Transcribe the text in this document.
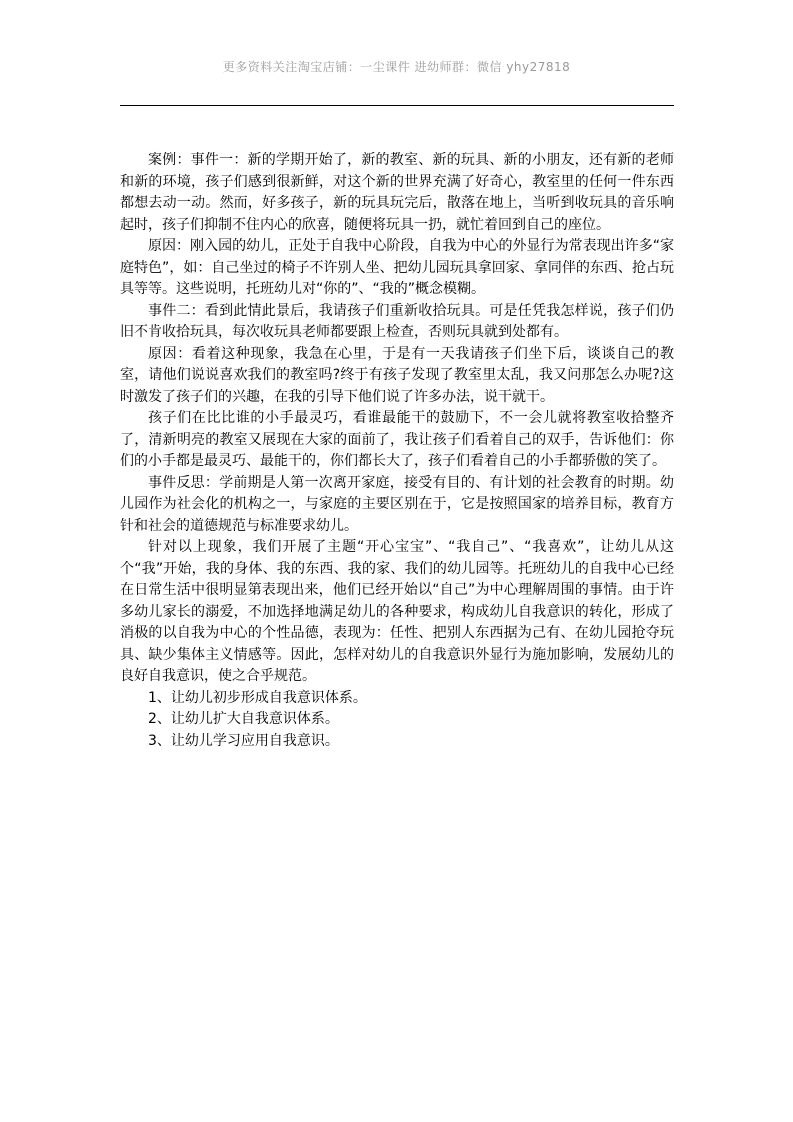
更多资料关注淘宝店铺：一尘课件 进幼师群：微信 yhy27818

案例：事件一：新的学期开始了，新的教室、新的玩具、新的小朋友，还有新的老师和新的环境，孩子们感到很新鲜，对这个新的世界充满了好奇心，教室里的任何一件东西都想去动一动。然而，好多孩子，新的玩具玩完后，散落在地上，当听到收玩具的音乐响起时，孩子们抑制不住内心的欣喜，随便将玩具一扔，就忙着回到自己的座位。

原因：刚入园的幼儿，正处于自我中心阶段，自我为中心的外显行为常表现出许多“家庭特色”，如：自己坐过的椅子不许别人坐、把幼儿园玩具拿回家、拿同伴的东西、抢占玩具等等。这些说明，托班幼儿对“你的”、“我的”概念模糊。

事件二：看到此情此景后，我请孩子们重新收拾玩具。可是任凭我怎样说，孩子们仍旧不肯收拾玩具，每次收玩具老师都要跟上检查，否则玩具就到处都有。

原因：看着这种现象，我急在心里，于是有一天我请孩子们坐下后，谈谈自己的教室，请他们说说喜欢我们的教室吗?终于有孩子发现了教室里太乱，我又问那怎么办呢?这时激发了孩子们的兴趣，在我的引导下他们说了许多办法，说干就干。

孩子们在比比谁的小手最灵巧，看谁最能干的鼓励下，不一会儿就将教室收拾整齐了，清新明亮的教室又展现在大家的面前了，我让孩子们看着自己的双手，告诉他们：你们的小手都是最灵巧、最能干的，你们都长大了，孩子们看着自己的小手都骄傲的笑了。

事件反思：学前期是人第一次离开家庭，接受有目的、有计划的社会教育的时期。幼儿园作为社会化的机构之一，与家庭的主要区别在于，它是按照国家的培养目标，教育方针和社会的道德规范与标准要求幼儿。

针对以上现象，我们开展了主题“开心宝宝”、“我自己”、“我喜欢”，让幼儿从这个“我”开始，我的身体、我的东西、我的家、我们的幼儿园等。托班幼儿的自我中心已经在日常生活中很明显第表现出来，他们已经开始以“自己”为中心理解周围的事情。由于许多幼儿家长的溺爱，不加选择地满足幼儿的各种要求，构成幼儿自我意识的转化，形成了消极的以自我为中心的个性品德，表现为：任性、把别人东西据为己有、在幼儿园抢夺玩具、缺少集体主义情感等。因此，怎样对幼儿的自我意识外显行为施加影响，发展幼儿的良好自我意识，使之合乎规范。

1、让幼儿初步形成自我意识体系。

2、让幼儿扩大自我意识体系。

3、让幼儿学习应用自我意识。
